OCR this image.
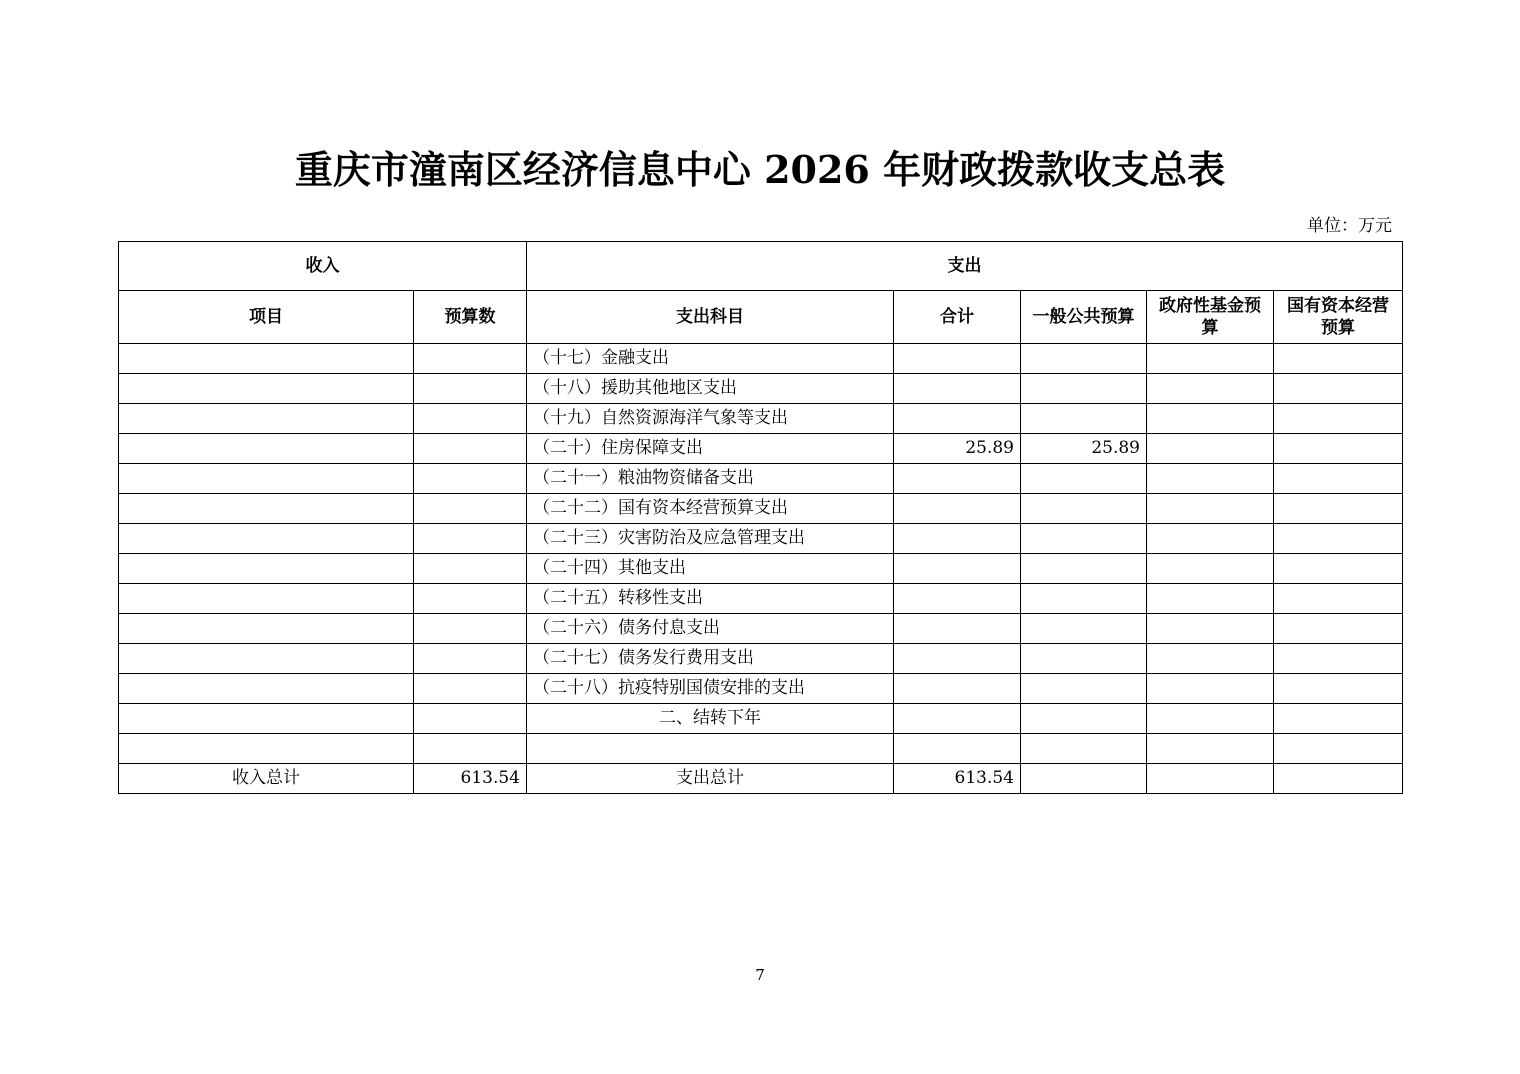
重庆市潼南区经济信息中心 2026 年财政拨款收支总表
单位：万元
收入		支出				
项目	预算数	支出科目	合计	一般公共预算	政府性基金预算	国有资本经营预算
		（十七）金融支出				
		（十八）援助其他地区支出				
		（十九）自然资源海洋气象等支出				
		（二十）住房保障支出	25.89	25.89		
		（二十一）粮油物资储备支出				
		（二十二）国有资本经营预算支出				
		（二十三）灾害防治及应急管理支出				
		（二十四）其他支出				
		（二十五）转移性支出				
		（二十六）债务付息支出				
		（二十七）债务发行费用支出				
		（二十八）抗疫特别国债安排的支出				
		二、结转下年				

收入总计	613.54	支出总计	613.54			
7
